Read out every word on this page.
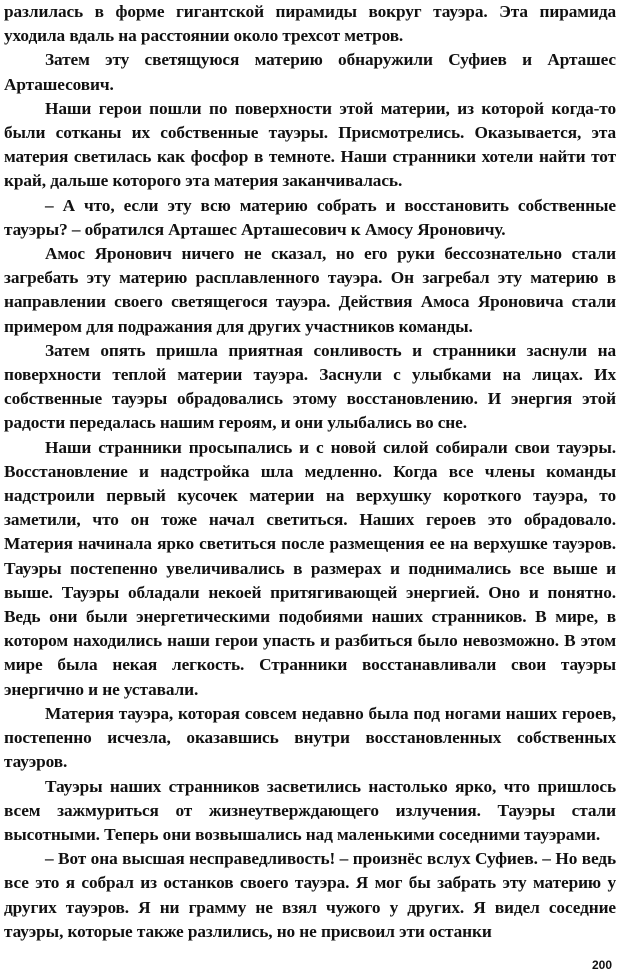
разлилась в форме гигантской пирамиды вокруг тауэра. Эта пирамида уходила вдаль на расстоянии около трехсот метров.

Затем эту светящуюся материю обнаружили Суфиев и Арташес Арташесович.

Наши герои пошли по поверхности этой материи, из которой когда-то были сотканы их собственные тауэры. Присмотрелись. Оказывается, эта материя светилась как фосфор в темноте. Наши странники хотели найти тот край, дальше которого эта материя заканчивалась.

– А что, если эту всю материю собрать и восстановить собственные тауэры? – обратился Арташес Арташесович к Амосу Яроновичу.

Амос Яронович ничего не сказал, но его руки бессознательно стали загребать эту материю расплавленного тауэра. Он загребал эту материю в направлении своего светящегося тауэра. Действия Амоса Яроновича стали примером для подражания для других участников команды.

Затем опять пришла приятная сонливость и странники заснули на поверхности теплой материи тауэра. Заснули с улыбками на лицах. Их собственные тауэры обрадовались этому восстановлению. И энергия этой радости передалась нашим героям, и они улыбались во сне.

Наши странники просыпались и с новой силой собирали свои тауэры. Восстановление и надстройка шла медленно. Когда все члены команды надстроили первый кусочек материи на верхушку короткого тауэра, то заметили, что он тоже начал светиться. Наших героев это обрадовало. Материя начинала ярко светиться после размещения ее на верхушке тауэров. Тауэры постепенно увеличивались в размерах и поднимались все выше и выше. Тауэры обладали некоей притягивающей энергией. Оно и понятно. Ведь они были энергетическими подобиями наших странников. В мире, в котором находились наши герои упасть и разбиться было невозможно. В этом мире была некая легкость. Странники восстанавливали свои тауэры энергично и не уставали.

Материя тауэра, которая совсем недавно была под ногами наших героев, постепенно исчезла, оказавшись внутри восстановленных собственных тауэров.

Тауэры наших странников засветились настолько ярко, что пришлось всем зажмуриться от жизнеутверждающего излучения. Тауэры стали высотными. Теперь они возвышались над маленькими соседними тауэрами.

– Вот она высшая несправедливость! – произнёс вслух Суфиев. – Но ведь все это я собрал из останков своего тауэра. Я мог бы забрать эту материю у других тауэров. Я ни грамму не взял чужого у других. Я видел соседние тауэры, которые также разлились, но не присвоил эти останки

200
